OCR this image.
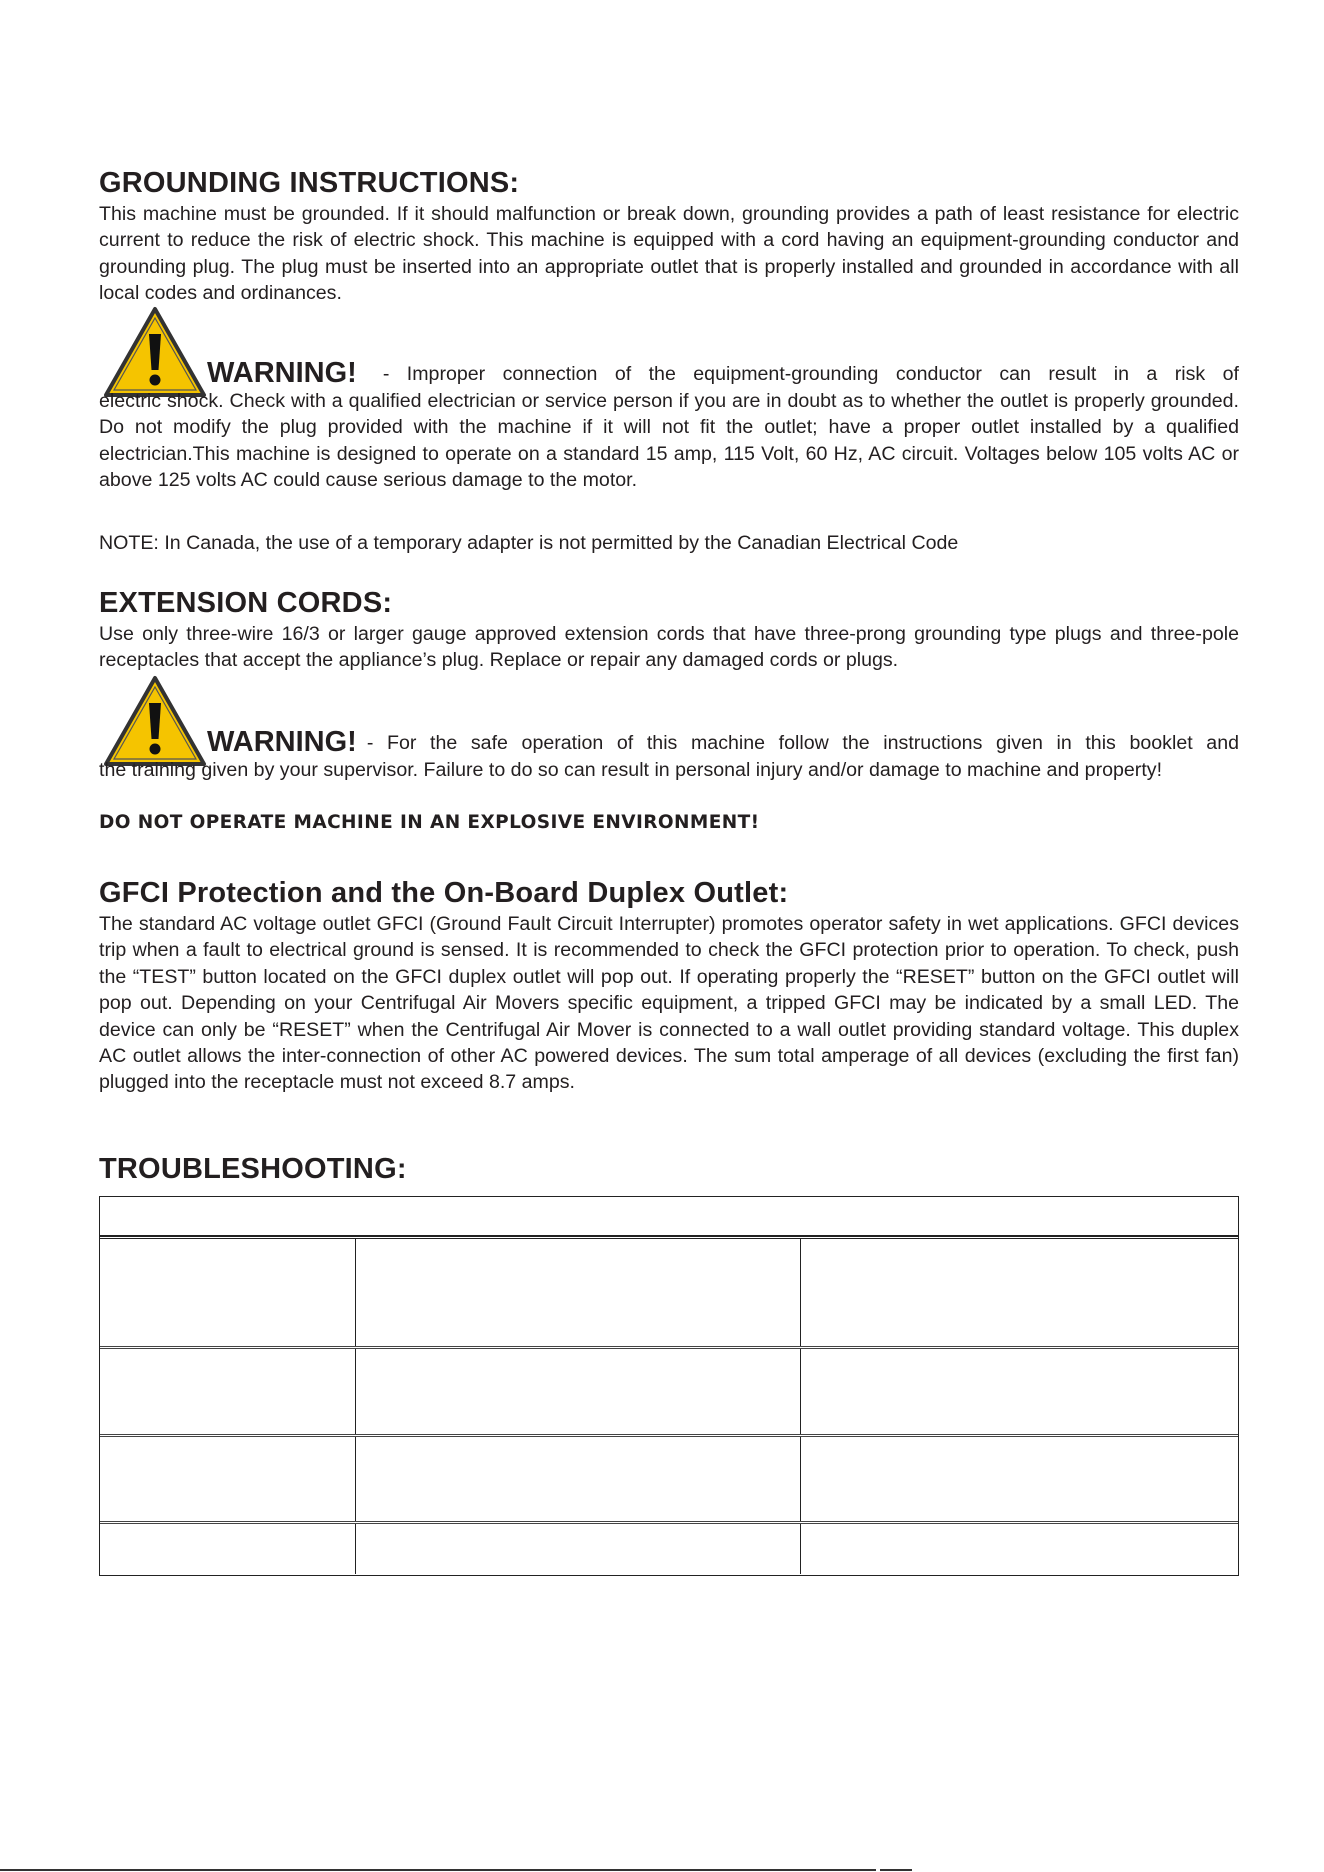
GROUNDING INSTRUCTIONS:

This machine must be grounded. If it should malfunction or break down, grounding provides a path of least resistance for electric current to reduce the risk of electric shock. This machine is equipped with a cord having an equipment-grounding conductor and grounding plug. The plug must be inserted into an appropriate outlet that is properly installed and grounded in accordance with all local codes and ordinances.

WARNING! - Improper connection of the equipment-grounding conductor can result in a risk of

electric shock. Check with a qualified electrician or service person if you are in doubt as to whether the outlet is properly grounded. Do not modify the plug provided with the machine if it will not fit the outlet; have a proper outlet installed by a qualified electrician.This machine is designed to operate on a standard 15 amp, 115 Volt, 60 Hz, AC circuit. Voltages below 105 volts AC or above 125 volts AC could cause serious damage to the motor.

NOTE: In Canada, the use of a temporary adapter is not permitted by the Canadian Electrical Code

EXTENSION CORDS:

Use only three-wire 16/3 or larger gauge approved extension cords that have three-prong grounding type plugs and three-pole receptacles that accept the appliance’s plug. Replace or repair any damaged cords or plugs.

WARNING! - For the safe operation of this machine follow the instructions given in this booklet and

the training given by your supervisor. Failure to do so can result in personal injury and/or damage to machine and property!

DO NOT OPERATE MACHINE IN AN EXPLOSIVE ENVIRONMENT!

GFCI Protection and the On-Board Duplex Outlet:

The standard AC voltage outlet GFCI (Ground Fault Circuit Interrupter) promotes operator safety in wet applications. GFCI devices trip when a fault to electrical ground is sensed. It is recommended to check the GFCI protection prior to operation. To check, push the “TEST” button located on the GFCI duplex outlet will pop out. If operating properly the “RESET” button on the GFCI outlet will pop out. Depending on your Centrifugal Air Movers specific equipment, a tripped GFCI may be indicated by a small LED. The device can only be “RESET” when the Centrifugal Air Mover is connected to a wall outlet providing standard voltage. This duplex AC outlet allows the inter-connection of other AC powered devices. The sum total amperage of all devices (excluding the first fan) plugged into the receptacle must not exceed 8.7 amps.

TROUBLESHOOTING:
